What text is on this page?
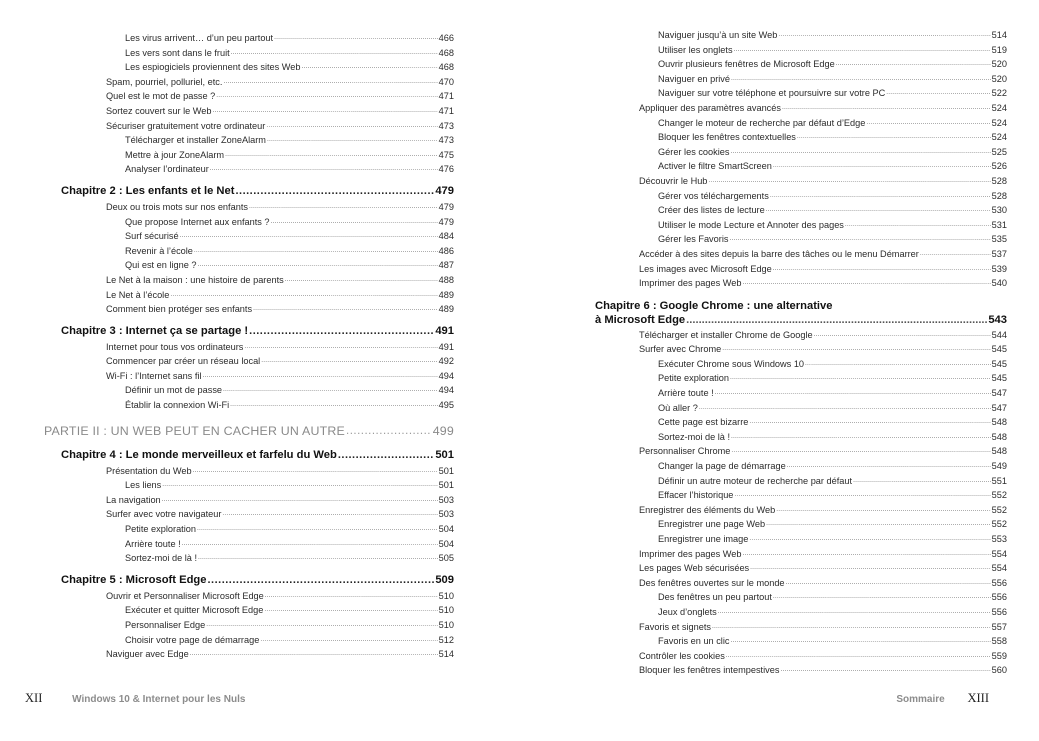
Les virus arrivent… d’un peu partout .....	466
Les vers sont dans le fruit .....	468
Les espiogiciels proviennent des sites Web .....	468
Spam, pourriel, polluriel, etc. .....	470
Quel est le mot de passe ? .....	471
Sortez couvert sur le Web .....	471
Sécuriser gratuitement votre ordinateur .....	473
Télécharger et installer ZoneAlarm .....	473
Mettre à jour ZoneAlarm .....	475
Analyser l’ordinateur .....	476
Chapitre 2 : Les enfants et le Net .....	479
Deux ou trois mots sur nos enfants .....	479
Que propose Internet aux enfants ? .....	479
Surf sécurisé .....	484
Revenir à l’école .....	486
Qui est en ligne ? .....	487
Le Net à la maison : une histoire de parents .....	488
Le Net à l’école .....	489
Comment bien protéger ses enfants .....	489
Chapitre 3 : Internet ça se partage ! .....	491
Internet pour tous vos ordinateurs .....	491
Commencer par créer un réseau local .....	492
Wi-Fi : l’Internet sans fil .....	494
Définir un mot de passe .....	494
Établir la connexion Wi-Fi .....	495
PARTIE II : UN WEB PEUT EN CACHER UN AUTRE .....	499
Chapitre 4 : Le monde merveilleux et farfelu du Web .....	501
Présentation du Web .....	501
Les liens .....	501
La navigation .....	503
Surfer avec votre navigateur .....	503
Petite exploration .....	504
Arrière toute ! .....	504
Sortez-moi de là ! .....	505
Chapitre 5 : Microsoft Edge .....	509
Ouvrir et Personnaliser Microsoft Edge .....	510
Exécuter et quitter Microsoft Edge .....	510
Personnaliser Edge .....	510
Choisir votre page de démarrage .....	512
Naviguer avec Edge .....	514
XII	Windows 10 & Internet pour les Nuls
Naviguer jusqu’à un site Web .....	514
Utiliser les onglets .....	519
Ouvrir plusieurs fenêtres de Microsoft Edge .....	520
Naviguer en privé .....	520
Naviguer sur votre téléphone et poursuivre sur votre PC .....	522
Appliquer des paramètres avancés .....	524
Changer le moteur de recherche par défaut d’Edge .....	524
Bloquer les fenêtres contextuelles .....	524
Gérer les cookies .....	525
Activer le filtre SmartScreen .....	526
Découvrir le Hub .....	528
Gérer vos téléchargements .....	528
Créer des listes de lecture .....	530
Utiliser le mode Lecture et Annoter des pages .....	531
Gérer les Favoris .....	535
Accéder à des sites depuis la barre des tâches ou le menu Démarrer .....	537
Les images avec Microsoft Edge .....	539
Imprimer des pages Web .....	540
Chapitre 6 : Google Chrome : une alternative
à Microsoft Edge .....	543
Télécharger et installer Chrome de Google .....	544
Surfer avec Chrome .....	545
Exécuter Chrome sous Windows 10 .....	545
Petite exploration .....	545
Arrière toute ! .....	547
Où aller ? .....	547
Cette page est bizarre .....	548
Sortez-moi de là ! .....	548
Personnaliser Chrome .....	548
Changer la page de démarrage .....	549
Définir un autre moteur de recherche par défaut .....	551
Effacer l’historique .....	552
Enregistrer des éléments du Web .....	552
Enregistrer une page Web .....	552
Enregistrer une image .....	553
Imprimer des pages Web .....	554
Les pages Web sécurisées .....	554
Des fenêtres ouvertes sur le monde .....	556
Des fenêtres un peu partout .....	556
Jeux d’onglets .....	556
Favoris et signets .....	557
Favoris en un clic .....	558
Contrôler les cookies .....	559
Bloquer les fenêtres intempestives .....	560
Sommaire XIII
